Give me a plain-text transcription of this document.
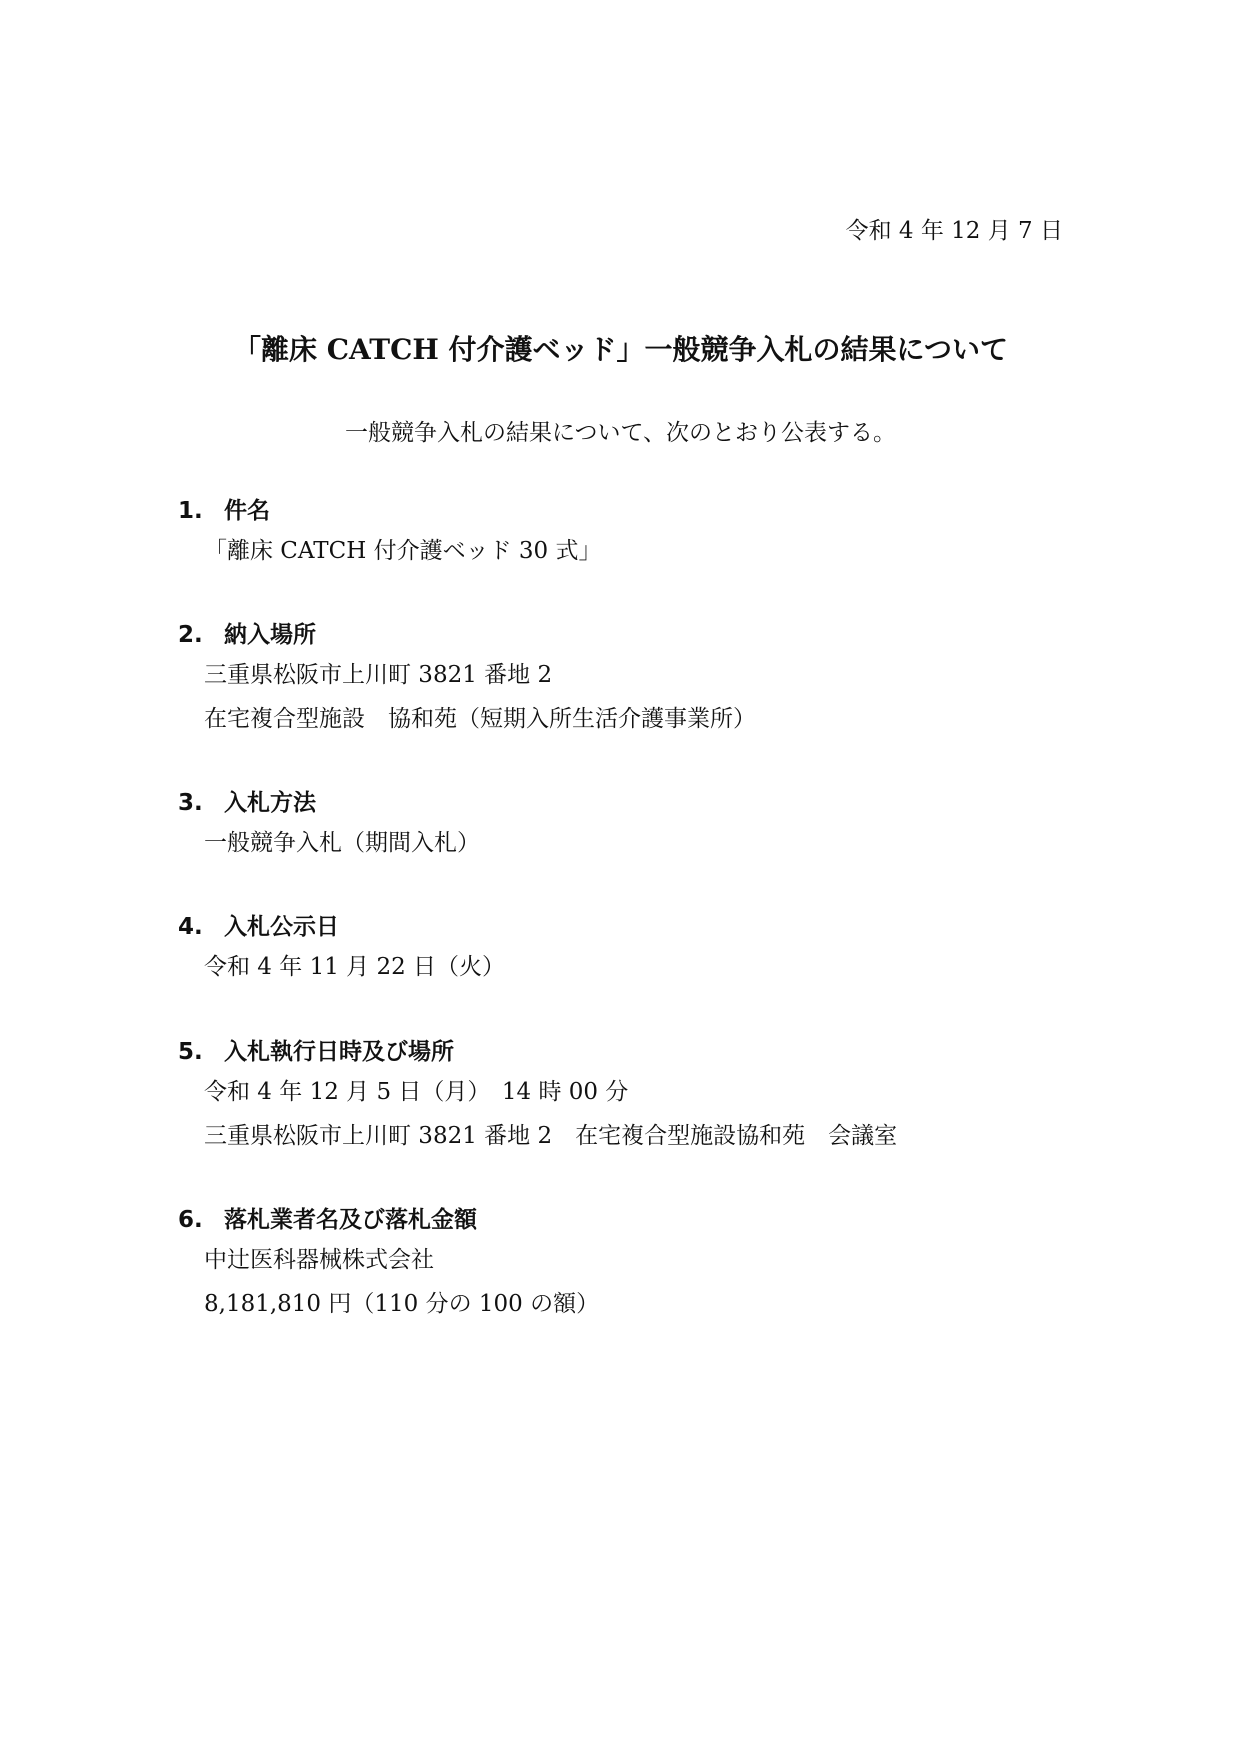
令和 4 年 12 月 7 日
「離床 CATCH 付介護ベッド」一般競争入札の結果について
一般競争入札の結果について、次のとおり公表する。
1. 件名
「離床 CATCH 付介護ベッド 30 式」
2. 納入場所
三重県松阪市上川町 3821 番地 2
在宅複合型施設　協和苑（短期入所生活介護事業所）
3. 入札方法
一般競争入札（期間入札）
4. 入札公示日
令和 4 年 11 月 22 日（火）
5. 入札執行日時及び場所
令和 4 年 12 月 5 日（月）　14 時 00 分
三重県松阪市上川町 3821 番地 2　在宅複合型施設協和苑　会議室
6. 落札業者名及び落札金額
中辻医科器械株式会社
8,181,810 円（110 分の 100 の額）
